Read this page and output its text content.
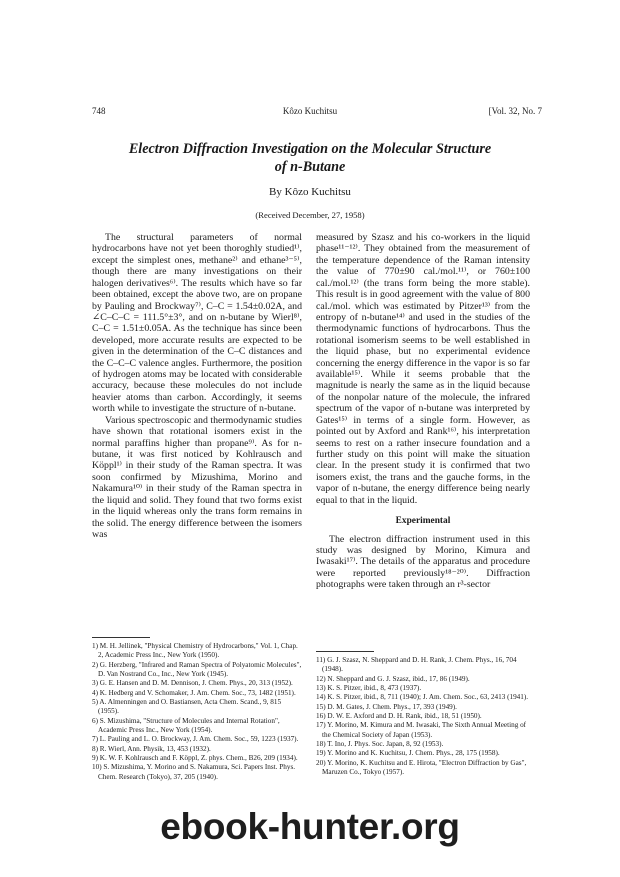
748	Kôzo Kuchitsu	[Vol. 32, No. 7
Electron Diffraction Investigation on the Molecular Structure
of n-Butane
By Kôzo Kuchitsu
(Received December, 27, 1958)

The structural parameters of normal hydrocarbons have not yet been thoroghly studied¹⁾, except the simplest ones, methane²⁾ and ethane³⁻⁵⁾, though there are many investigations on their halogen derivatives⁶⁾. The results which have so far been obtained, except the above two, are on propane by Pauling and Brockway⁷⁾, C–C = 1.54±0.02A, and ∠C–C–C = 111.5°±3°, and on n-butane by Wierl⁸⁾, C–C = 1.51±0.05A. As the technique has since been developed, more accurate results are expected to be given in the determination of the C–C distances and the C–C–C valence angles. Furthermore, the position of hydrogen atoms may be located with considerable accuracy, because these molecules do not include heavier atoms than carbon. Accordingly, it seems worth while to investigate the structure of n-butane.

Various spectroscopic and thermodynamic studies have shown that rotational isomers exist in the normal paraffins higher than propane⁹⁾. As for n-butane, it was first noticed by Kohlrausch and Köppl¹⁾ in their study of the Raman spectra. It was soon confirmed by Mizushima, Morino and Nakamura¹⁰⁾ in their study of the Raman spectra in the liquid and solid. They found that two forms exist in the liquid whereas only the trans form remains in the solid. The energy difference between the isomers was

measured by Szasz and his co-workers in the liquid phase¹¹⁻¹²⁾. They obtained from the measurement of the temperature dependence of the Raman intensity the value of 770±90 cal./mol.¹¹⁾, or 760±100 cal./mol.¹²⁾ (the trans form being the more stable). This result is in good agreement with the value of 800 cal./mol. which was estimated by Pitzer¹³⁾ from the entropy of n-butane¹⁴⁾ and used in the studies of the thermodynamic functions of hydrocarbons. Thus the rotational isomerism seems to be well established in the liquid phase, but no experimental evidence concerning the energy difference in the vapor is so far available¹⁵⁾. While it seems probable that the magnitude is nearly the same as in the liquid because of the nonpolar nature of the molecule, the infrared spectrum of the vapor of n-butane was interpreted by Gates¹⁵⁾ in terms of a single form. However, as pointed out by Axford and Rank¹⁶⁾, his interpretation seems to rest on a rather insecure foundation and a further study on this point will make the situation clear. In the present study it is confirmed that two isomers exist, the trans and the gauche forms, in the vapor of n-butane, the energy difference being nearly equal to that in the liquid.

Experimental

The electron diffraction instrument used in this study was designed by Morino, Kimura and Iwasaki¹⁷⁾. The details of the apparatus and procedure were reported previously¹⁸⁻²⁰⁾. Diffraction photographs were taken through an r³-sector

1) M. H. Jellinek, "Physical Chemistry of Hydrocarbons," Vol. 1, Chap. 2, Academic Press Inc., New York (1950).

2) G. Herzberg, "Infrared and Raman Spectra of Polyatomic Molecules", D. Van Nostrand Co., Inc., New York (1945).

3) G. E. Hansen and D. M. Dennison, J. Chem. Phys., 20, 313 (1952).

4) K. Hedberg and V. Schomaker, J. Am. Chem. Soc., 73, 1482 (1951).

5) A. Almenningen and O. Bastiansen, Acta Chem. Scand., 9, 815 (1955).

6) S. Mizushima, "Structure of Molecules and Internal Rotation", Academic Press Inc., New York (1954).

7) L. Pauling and L. O. Brockway, J. Am. Chem. Soc., 59, 1223 (1937).

8) R. Wierl, Ann. Physik, 13, 453 (1932).

9) K. W. F. Kohlrausch and F. Köppl, Z. phys. Chem., B26, 209 (1934).

10) S. Mizushima, Y. Morino and S. Nakamura, Sci. Papers Inst. Phys. Chem. Research (Tokyo), 37, 205 (1940).

11) G. J. Szasz, N. Sheppard and D. H. Rank, J. Chem. Phys., 16, 704 (1948).

12) N. Sheppard and G. J. Szasz, ibid., 17, 86 (1949).

13) K. S. Pitzer, ibid., 8, 473 (1937).

14) K. S. Pitzer, ibid., 8, 711 (1940); J. Am. Chem. Soc., 63, 2413 (1941).

15) D. M. Gates, J. Chem. Phys., 17, 393 (1949).

16) D. W. E. Axford and D. H. Rank, ibid., 18, 51 (1950).

17) Y. Morino, M. Kimura and M. Iwasaki, The Sixth Annual Meeting of the Chemical Society of Japan (1953).

18) T. Ino, J. Phys. Soc. Japan, 8, 92 (1953).

19) Y. Morino and K. Kuchitsu, J. Chem. Phys., 28, 175 (1958).

20) Y. Morino, K. Kuchitsu and E. Hirota, "Electron Diffraction by Gas", Maruzen Co., Tokyo (1957).

ebook-hunter.org
